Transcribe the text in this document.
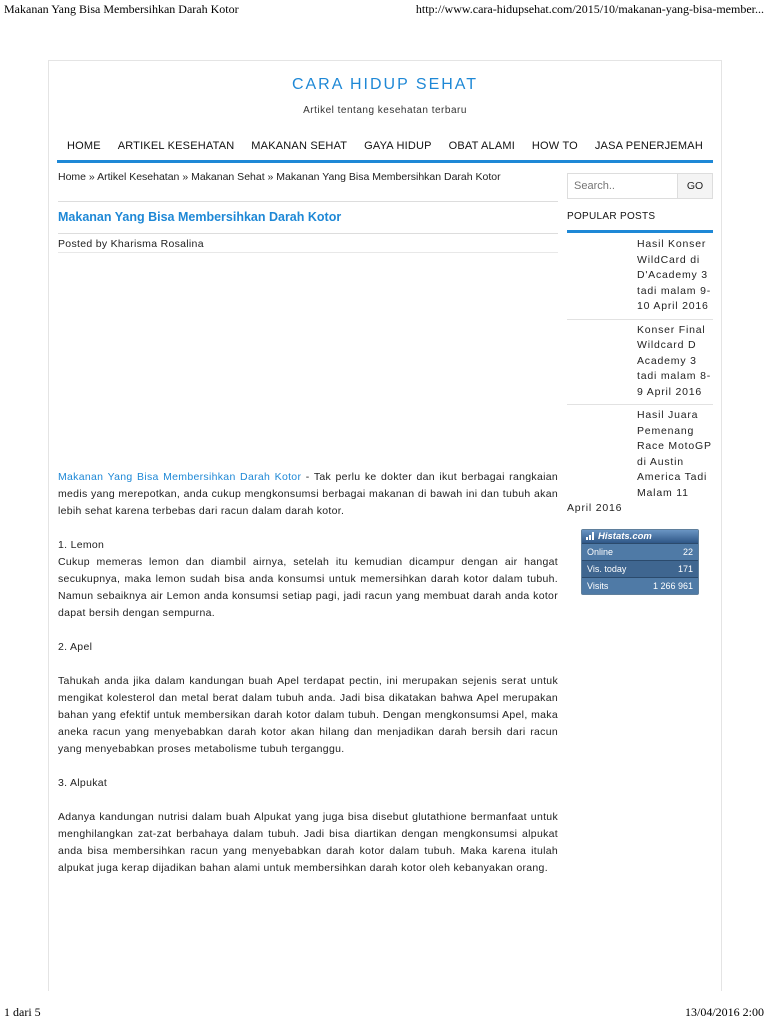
Makanan Yang Bisa Membersihkan Darah Kotor	http://www.cara-hidupsehat.com/2015/10/makanan-yang-bisa-member...
CARA HIDUP SEHAT
Artikel tentang kesehatan terbaru
HOME ARTIKEL KESEHATAN MAKANAN SEHAT GAYA HIDUP OBAT ALAMI HOW TO JASA PENERJEMAH
Home » Artikel Kesehatan » Makanan Sehat » Makanan Yang Bisa Membersihkan Darah Kotor
Makanan Yang Bisa Membersihkan Darah Kotor
Posted by Kharisma Rosalina

Makanan Yang Bisa Membersihkan Darah Kotor - Tak perlu ke dokter dan ikut berbagai rangkaian medis yang merepotkan, anda cukup mengkonsumsi berbagai makanan di bawah ini dan tubuh akan lebih sehat karena terbebas dari racun dalam darah kotor.

1. Lemon

Cukup memeras lemon dan diambil airnya, setelah itu kemudian dicampur dengan air hangat secukupnya, maka lemon sudah bisa anda konsumsi untuk memersihkan darah kotor dalam tubuh. Namun sebaiknya air Lemon anda konsumsi setiap pagi, jadi racun yang membuat darah anda kotor dapat bersih dengan sempurna.

2. Apel

Tahukah anda jika dalam kandungan buah Apel terdapat pectin, ini merupakan sejenis serat untuk mengikat kolesterol dan metal berat dalam tubuh anda. Jadi bisa dikatakan bahwa Apel merupakan bahan yang efektif untuk membersikan darah kotor dalam tubuh. Dengan mengkonsumsi Apel, maka aneka racun yang menyebabkan darah kotor akan hilang dan menjadikan darah bersih dari racun yang menyebabkan proses metabolisme tubuh terganggu.

3. Alpukat

Adanya kandungan nutrisi dalam buah Alpukat yang juga bisa disebut glutathione bermanfaat untuk menghilangkan zat-zat berbahaya dalam tubuh. Jadi bisa diartikan dengan mengkonsumsi alpukat anda bisa membersihkan racun yang menyebabkan darah kotor dalam tubuh. Maka karena itulah alpukat juga kerap dijadikan bahan alami untuk membersihkan darah kotor oleh kebanyakan orang.

Search..
GO
POPULAR POSTS
Hasil Konser WildCard di D'Academy 3 tadi malam 9-10 April 2016
Konser Final Wildcard D Academy 3 tadi malam 8-9 April 2016
Hasil Juara Pemenang Race MotoGP di Austin America Tadi Malam 11 April 2016
Histats.com
Online	22
Vis. today	171
Visits	1 266 961
1 dari 5	13/04/2016 2:00
